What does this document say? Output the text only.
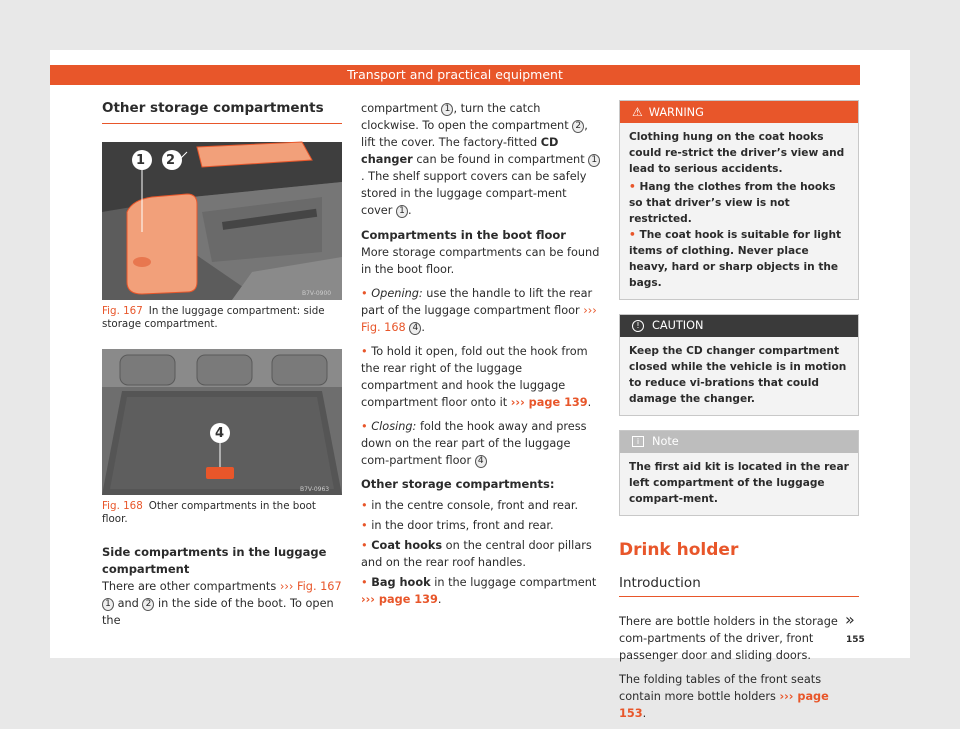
Transport and practical equipment
Other storage compartments
B7V-0900
1 2
Fig. 167 In the luggage compartment: side storage compartment.
B7V-0963
4
Fig. 168 Other compartments in the boot floor.
Side compartments in the luggage compartment

There are other compartments ››› Fig. 167 1 and 2 in the side of the boot. To open the

compartment 1 , turn the catch clockwise. To open the compartment 2 , lift the cover. The factory-fitted CD changer can be found in compartment 1. The shelf support covers can be safely stored in the luggage compart-ment cover 1 .

Compartments in the boot floor

More storage compartments can be found in the boot floor.

• Opening: use the handle to lift the rear part of the luggage compartment floor ››› Fig. 168 4 .

• To hold it open, fold out the hook from the rear right of the luggage compartment and hook the luggage compartment floor onto it ››› page 139.

• Closing: fold the hook away and press down on the rear part of the luggage com-partment floor 4

Other storage compartments:

• in the centre console, front and rear.

• in the door trims, front and rear.

• Coat hooks on the central door pillars and on the rear roof handles.

• Bag hook in the luggage compartment ››› page 139.

⚠ WARNING
Clothing hung on the coat hooks could re-strict the driver’s view and lead to serious accidents.
• Hang the clothes from the hooks so that driver’s view is not restricted.
• The coat hook is suitable for light items of clothing. Never place heavy, hard or sharp objects in the bags.
! CAUTION
Keep the CD changer compartment closed while the vehicle is in motion to reduce vi-brations that could damage the changer.
i Note
The first aid kit is located in the rear left compartment of the luggage compart-ment.
Drink holder
Introduction

There are bottle holders in the storage com-partments of the driver, front passenger door and sliding doors.

The folding tables of the front seats contain more bottle holders ››› page 153.

»
155
